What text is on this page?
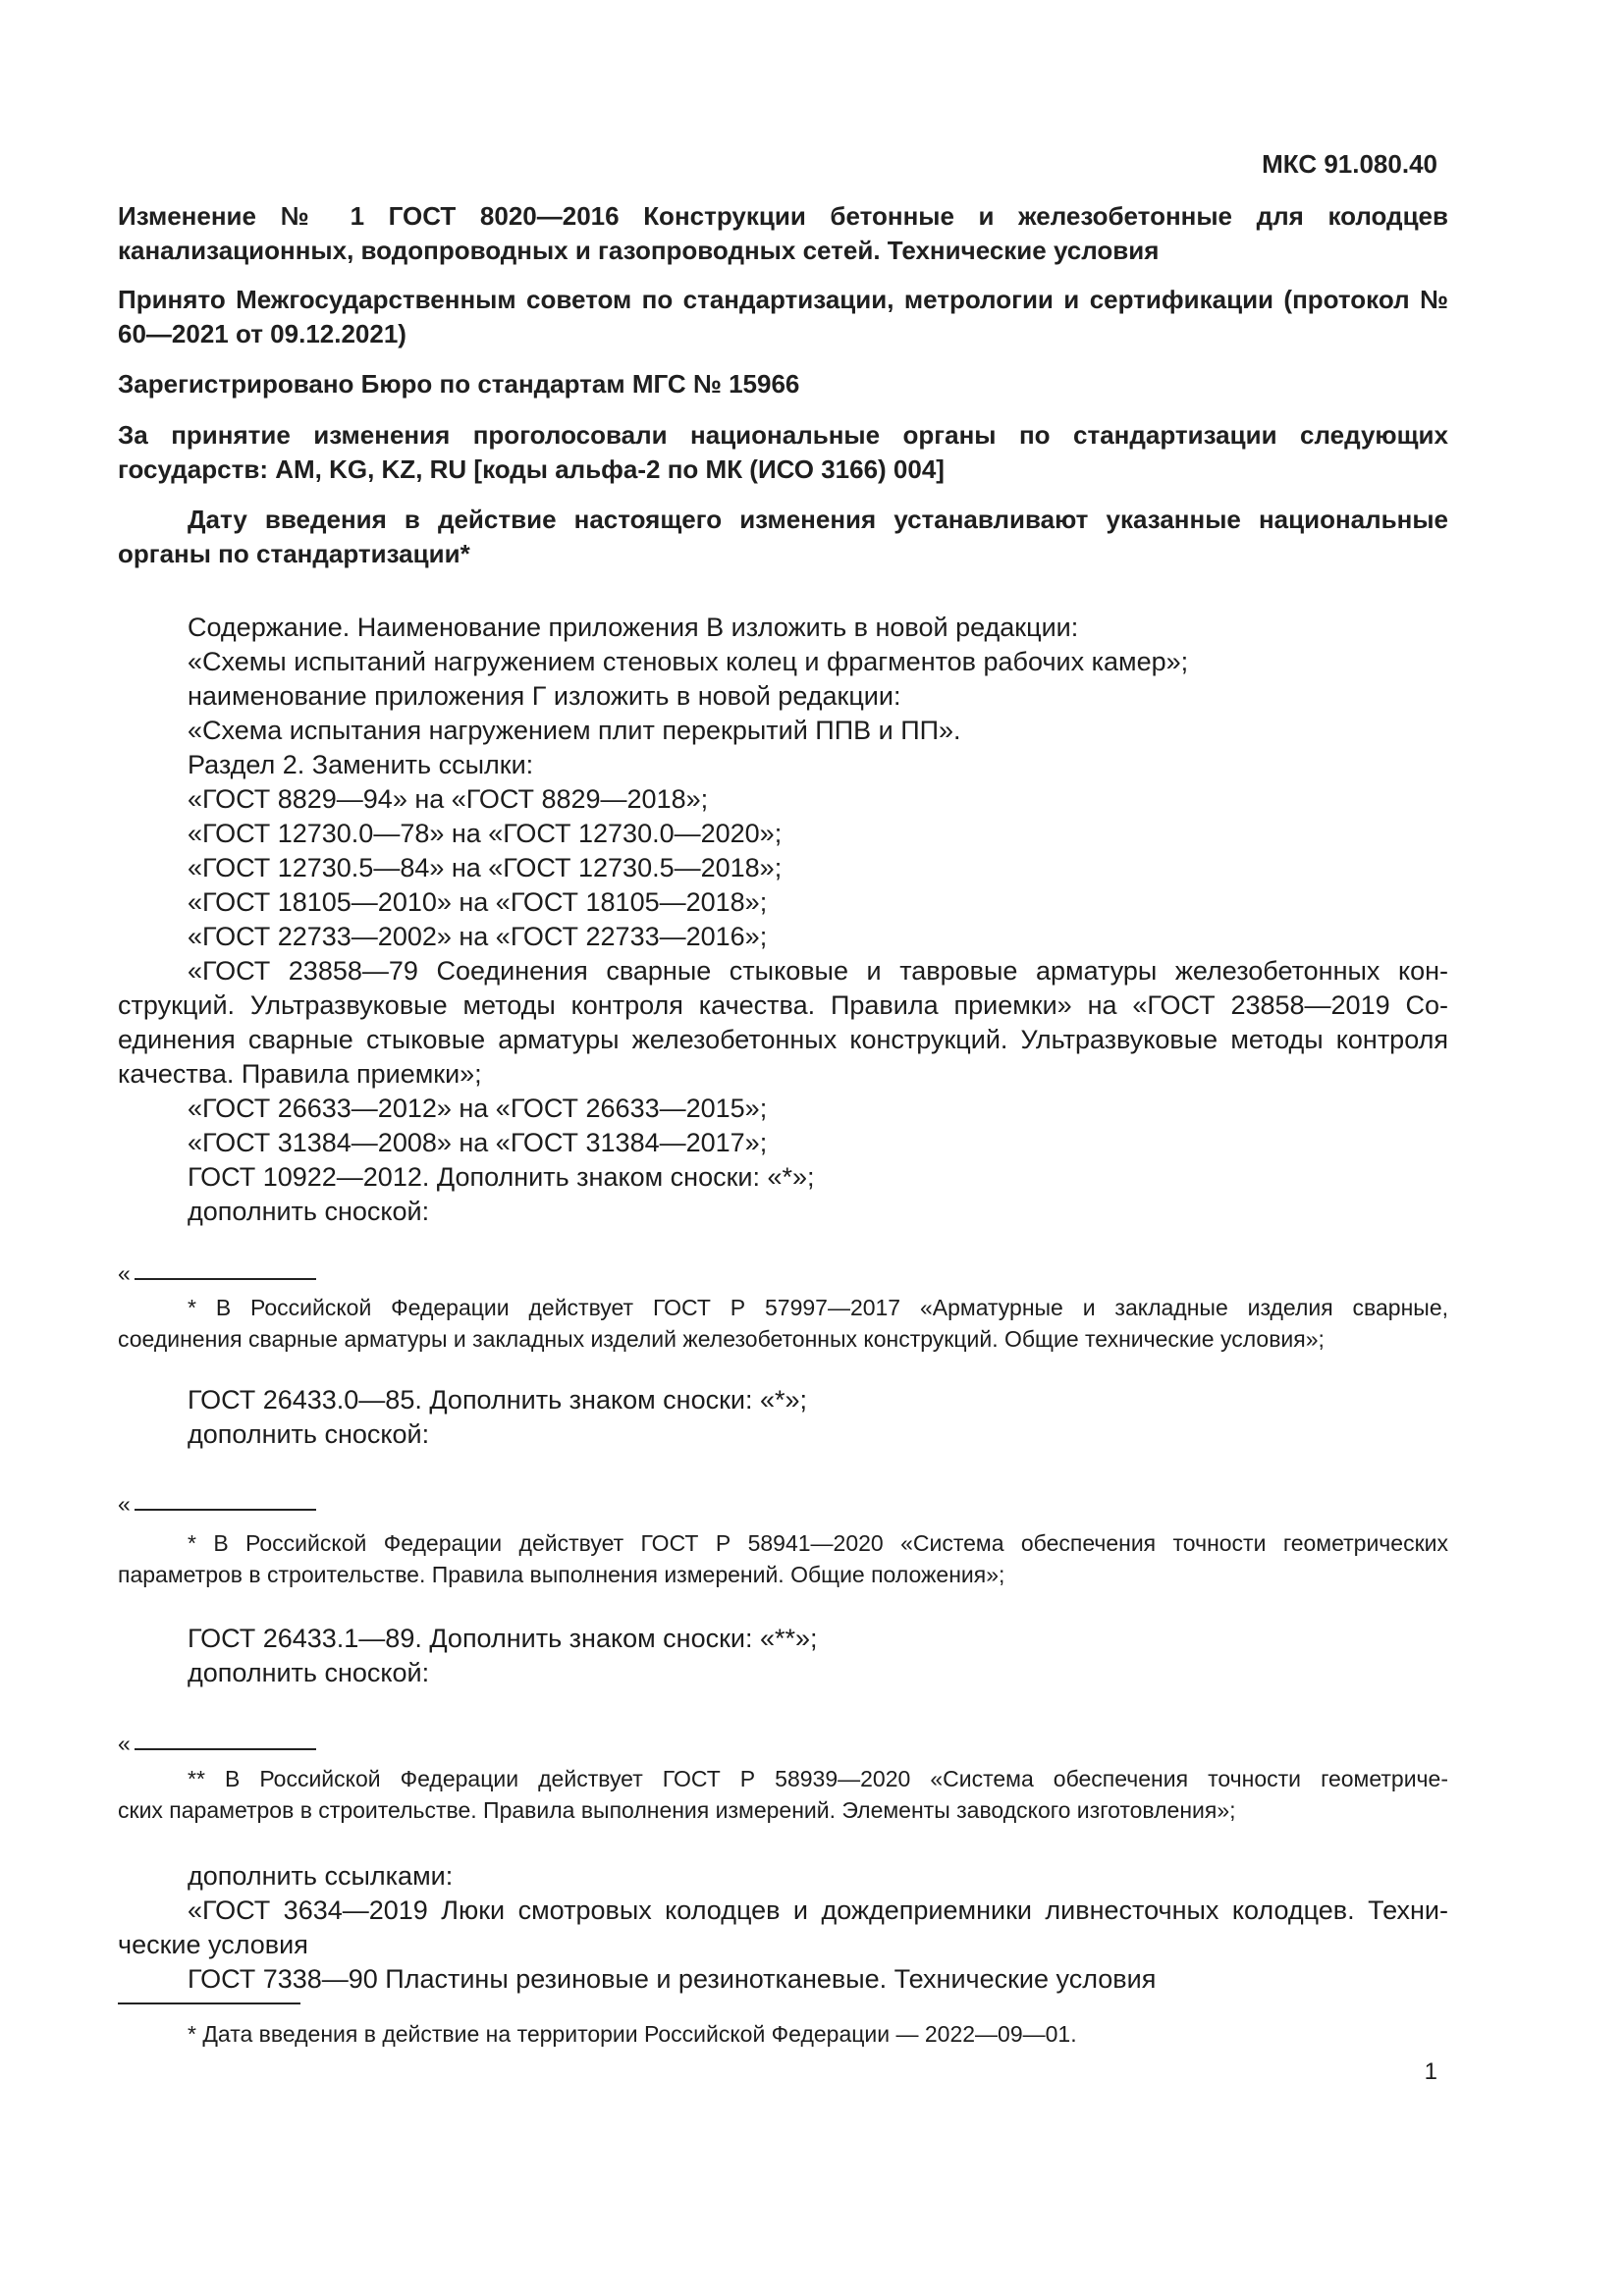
МКС 91.080.40
Изменение № 1 ГОСТ 8020—2016 Конструкции бетонные и железобетонные для колодцев канализационных, водопроводных и газопроводных сетей. Технические условия
Принято Межгосударственным советом по стандартизации, метрологии и сертификации (протокол № 60—2021 от 09.12.2021)
Зарегистрировано Бюро по стандартам МГС № 15966
За принятие изменения проголосовали национальные органы по стандартизации следующих государств: AM, KG, KZ, RU [коды альфа-2 по МК (ИСО 3166) 004]
Дату введения в действие настоящего изменения устанавливают указанные национальные органы по стандартизации*
Содержание. Наименование приложения В изложить в новой редакции:
«Схемы испытаний нагружением стеновых колец и фрагментов рабочих камер»;
наименование приложения Г изложить в новой редакции:
«Схема испытания нагружением плит перекрытий ППВ и ПП».
Раздел 2. Заменить ссылки:
«ГОСТ 8829—94» на «ГОСТ 8829—2018»;
«ГОСТ 12730.0—78» на «ГОСТ 12730.0—2020»;
«ГОСТ 12730.5—84» на «ГОСТ 12730.5—2018»;
«ГОСТ 18105—2010» на «ГОСТ 18105—2018»;
«ГОСТ 22733—2002» на «ГОСТ 22733—2016»;
«ГОСТ 23858—79 Соединения сварные стыковые и тавровые арматуры железобетонных кон-
струкций. Ультразвуковые методы контроля качества. Правила приемки» на «ГОСТ 23858—2019 Со-
единения сварные стыковые арматуры железобетонных конструкций. Ультразвуковые методы контроля
качества. Правила приемки»;
«ГОСТ 26633—2012» на «ГОСТ 26633—2015»;
«ГОСТ 31384—2008» на «ГОСТ 31384—2017»;
ГОСТ 10922—2012. Дополнить знаком сноски: «*»;
дополнить сноской:
«
* В Российской Федерации действует ГОСТ Р 57997—2017 «Арматурные и закладные изделия сварные,
соединения сварные арматуры и закладных изделий железобетонных конструкций. Общие технические условия»;
ГОСТ 26433.0—85. Дополнить знаком сноски: «*»;
дополнить сноской:
«
* В Российской Федерации действует ГОСТ Р 58941—2020 «Система обеспечения точности геометрических
параметров в строительстве. Правила выполнения измерений. Общие положения»;
ГОСТ 26433.1—89. Дополнить знаком сноски: «**»;
дополнить сноской:
«
** В Российской Федерации действует ГОСТ Р 58939—2020 «Система обеспечения точности геометриче-
ских параметров в строительстве. Правила выполнения измерений. Элементы заводского изготовления»;
дополнить ссылками:
«ГОСТ 3634—2019 Люки смотровых колодцев и дождеприемники ливнесточных колодцев. Техни-
ческие условия
ГОСТ 7338—90 Пластины резиновые и резинотканевые. Технические условия
* Дата введения в действие на территории Российской Федерации — 2022—09—01.
1
